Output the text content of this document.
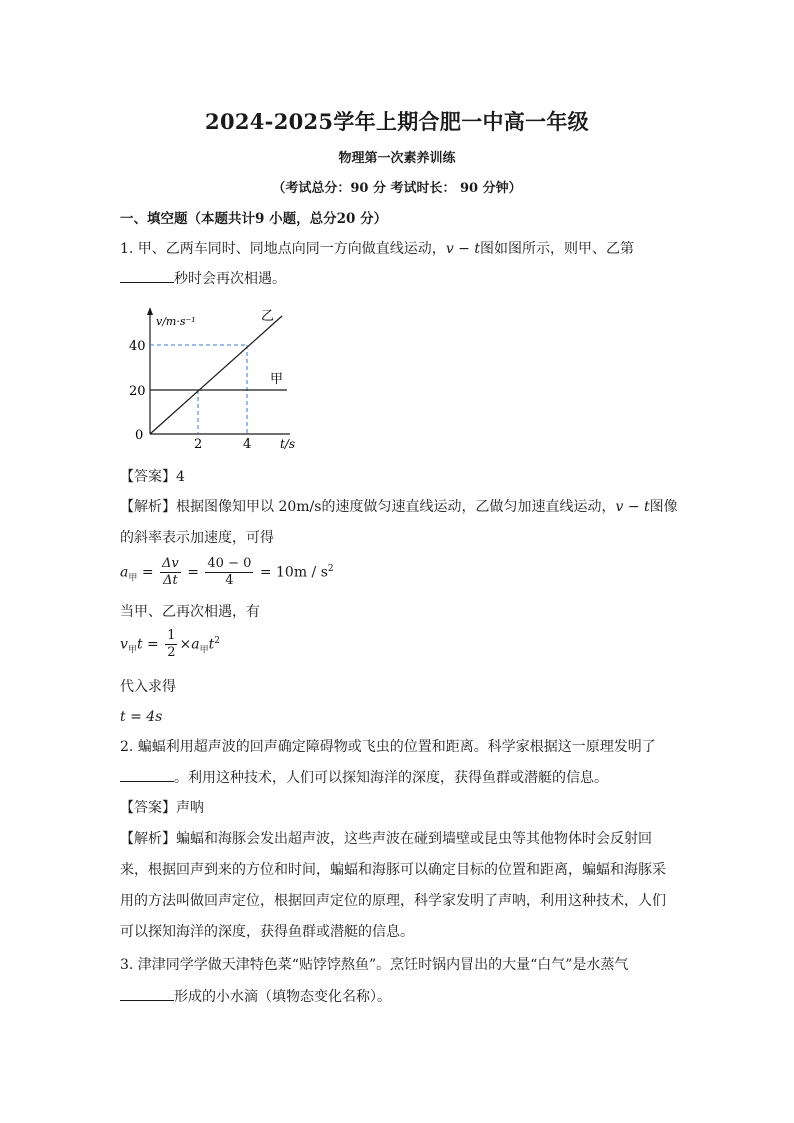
2024-2025学年上期合肥一中高一年级
物理第一次素养训练
（考试总分：90 分 考试时长： 90 分钟）
一、填空题（本题共计9 小题，总分20 分）
1. 甲、乙两车同时、同地点向同一方向做直线运动，v − t图如图所示，则甲、乙第
秒时会再次相遇。
v/m·s⁻¹
t/s
0
20
40
2	4
乙
甲
【答案】4
【解析】根据图像知甲以 20m/s的速度做匀速直线运动，乙做匀加速直线运动，v − t图像
的斜率表示加速度，可得
$a_甲 = \frac{\Delta v}{\Delta t} = \frac{40 - 0}{4} = 10m / s^2$
当甲、乙再次相遇，有
$v_甲t = \frac{1}{2} \times a_甲t^2$
代入求得
t = 4s
2. 蝙蝠利用超声波的回声确定障碍物或飞虫的位置和距离。科学家根据这一原理发明了
。利用这种技术，人们可以探知海洋的深度，获得鱼群或潜艇的信息。
【答案】声呐
【解析】蝙蝠和海豚会发出超声波，这些声波在碰到墙壁或昆虫等其他物体时会反射回
来，根据回声到来的方位和时间，蝙蝠和海豚可以确定目标的位置和距离，蝙蝠和海豚采
用的方法叫做回声定位，根据回声定位的原理，科学家发明了声呐，利用这种技术，人们
可以探知海洋的深度，获得鱼群或潜艇的信息。
3. 津津同学学做天津特色菜“贴饽饽熬鱼”。烹饪时锅内冒出的大量“白气”是水蒸气
形成的小水滴（填物态变化名称）。
